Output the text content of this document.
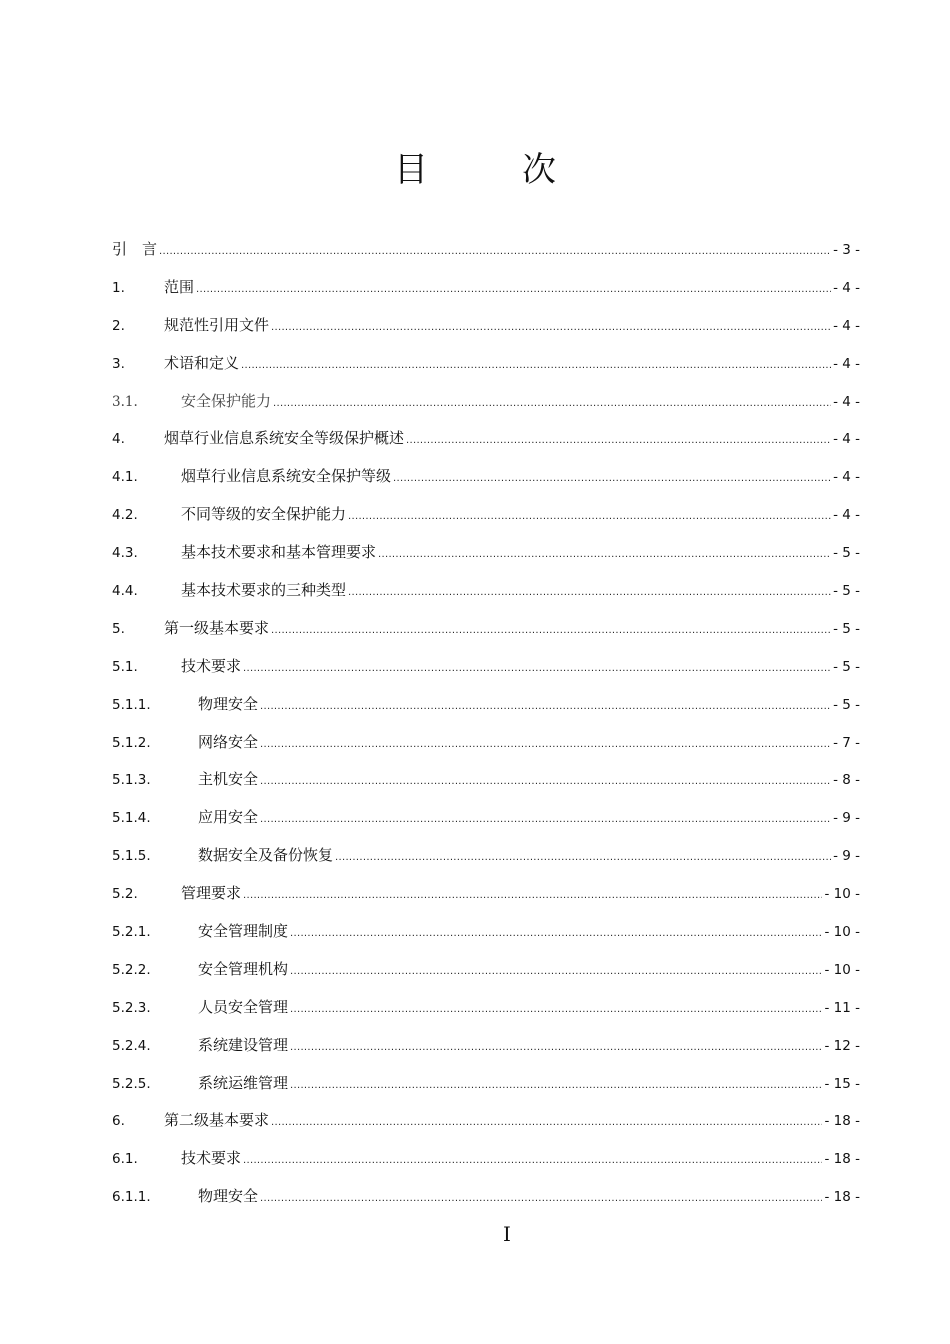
目　次
引　言 .....	- 3 -
1.	范围 .....	- 4 -
2.	规范性引用文件 .....	- 4 -
3.	术语和定义 .....	- 4 -
3.1.	安全保护能力 .....	- 4 -
4.	烟草行业信息系统安全等级保护概述 .....	- 4 -
4.1.	烟草行业信息系统安全保护等级 .....	- 4 -
4.2.	不同等级的安全保护能力 .....	- 4 -
4.3.	基本技术要求和基本管理要求 .....	- 5 -
4.4.	基本技术要求的三种类型 .....	- 5 -
5.	第一级基本要求 .....	- 5 -
5.1.	技术要求 .....	- 5 -
5.1.1.	物理安全 .....	- 5 -
5.1.2.	网络安全 .....	- 7 -
5.1.3.	主机安全 .....	- 8 -
5.1.4.	应用安全 .....	- 9 -
5.1.5.	数据安全及备份恢复 .....	- 9 -
5.2.	管理要求 .....	- 10 -
5.2.1.	安全管理制度 .....	- 10 -
5.2.2.	安全管理机构 .....	- 10 -
5.2.3.	人员安全管理 .....	- 11 -
5.2.4.	系统建设管理 .....	- 12 -
5.2.5.	系统运维管理 .....	- 15 -
6.	第二级基本要求 .....	- 18 -
6.1.	技术要求 .....	- 18 -
6.1.1.	物理安全 .....	- 18 -
I
